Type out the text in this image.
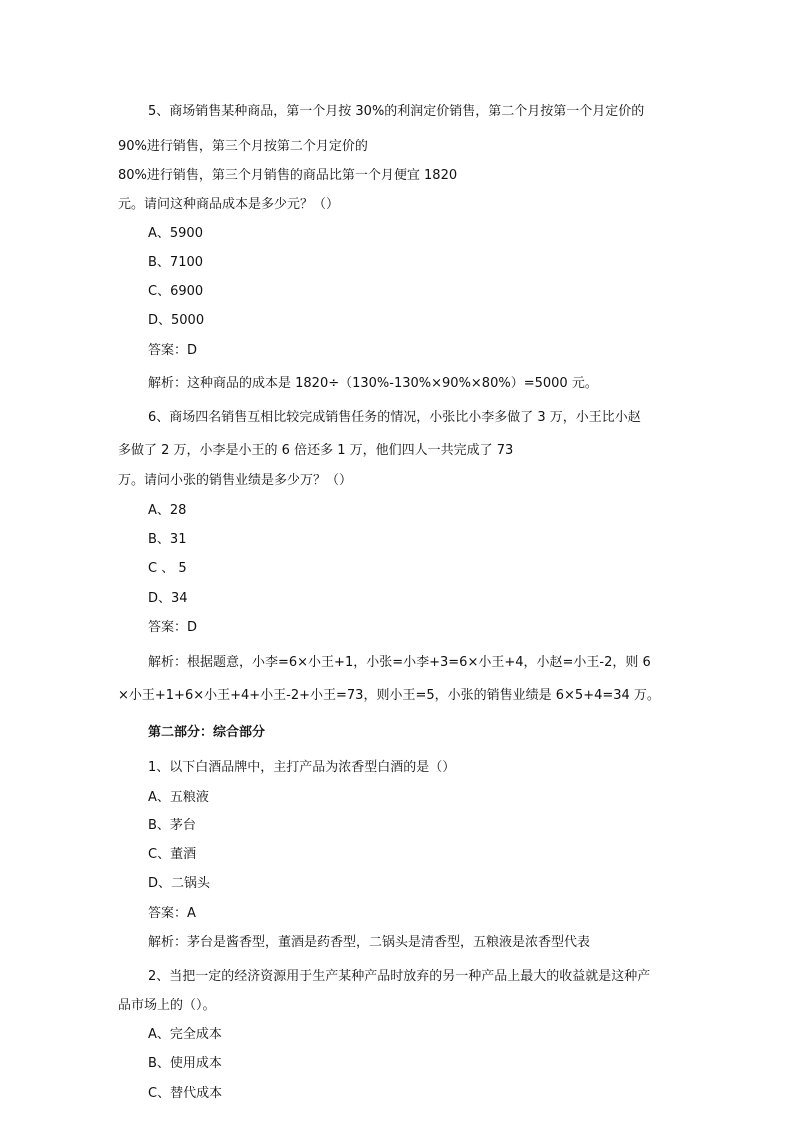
5、商场销售某种商品，第一个月按 30%的利润定价销售，第二个月按第一个月定价的
90%进行销售，第三个月按第二个月定价的
80%进行销售，第三个月销售的商品比第一个月便宜 1820
元。请问这种商品成本是多少元？（）
A、5900
B、7100
C、6900
D、5000
答案：D
解析：这种商品的成本是 1820÷（130%-130%×90%×80%）=5000 元。
6、商场四名销售互相比较完成销售任务的情况，小张比小李多做了 3 万，小王比小赵
多做了 2 万，小李是小王的 6 倍还多 1 万，他们四人一共完成了 73
万。请问小张的销售业绩是多少万？（）
A、28
B、31
C 、 5
D、34
答案：D
解析：根据题意，小李=6×小王+1，小张=小李+3=6×小王+4，小赵=小王-2，则 6
×小王+1+6×小王+4+小王-2+小王=73，则小王=5，小张的销售业绩是 6×5+4=34 万。
第二部分：综合部分
1、以下白酒品牌中，主打产品为浓香型白酒的是（）
A、五粮液
B、茅台
C、董酒
D、二锅头
答案：A
解析：茅台是酱香型，董酒是药香型，二锅头是清香型，五粮液是浓香型代表
2、当把一定的经济资源用于生产某种产品时放弃的另一种产品上最大的收益就是这种产
品市场上的（）。
A、完全成本
B、使用成本
C、替代成本
